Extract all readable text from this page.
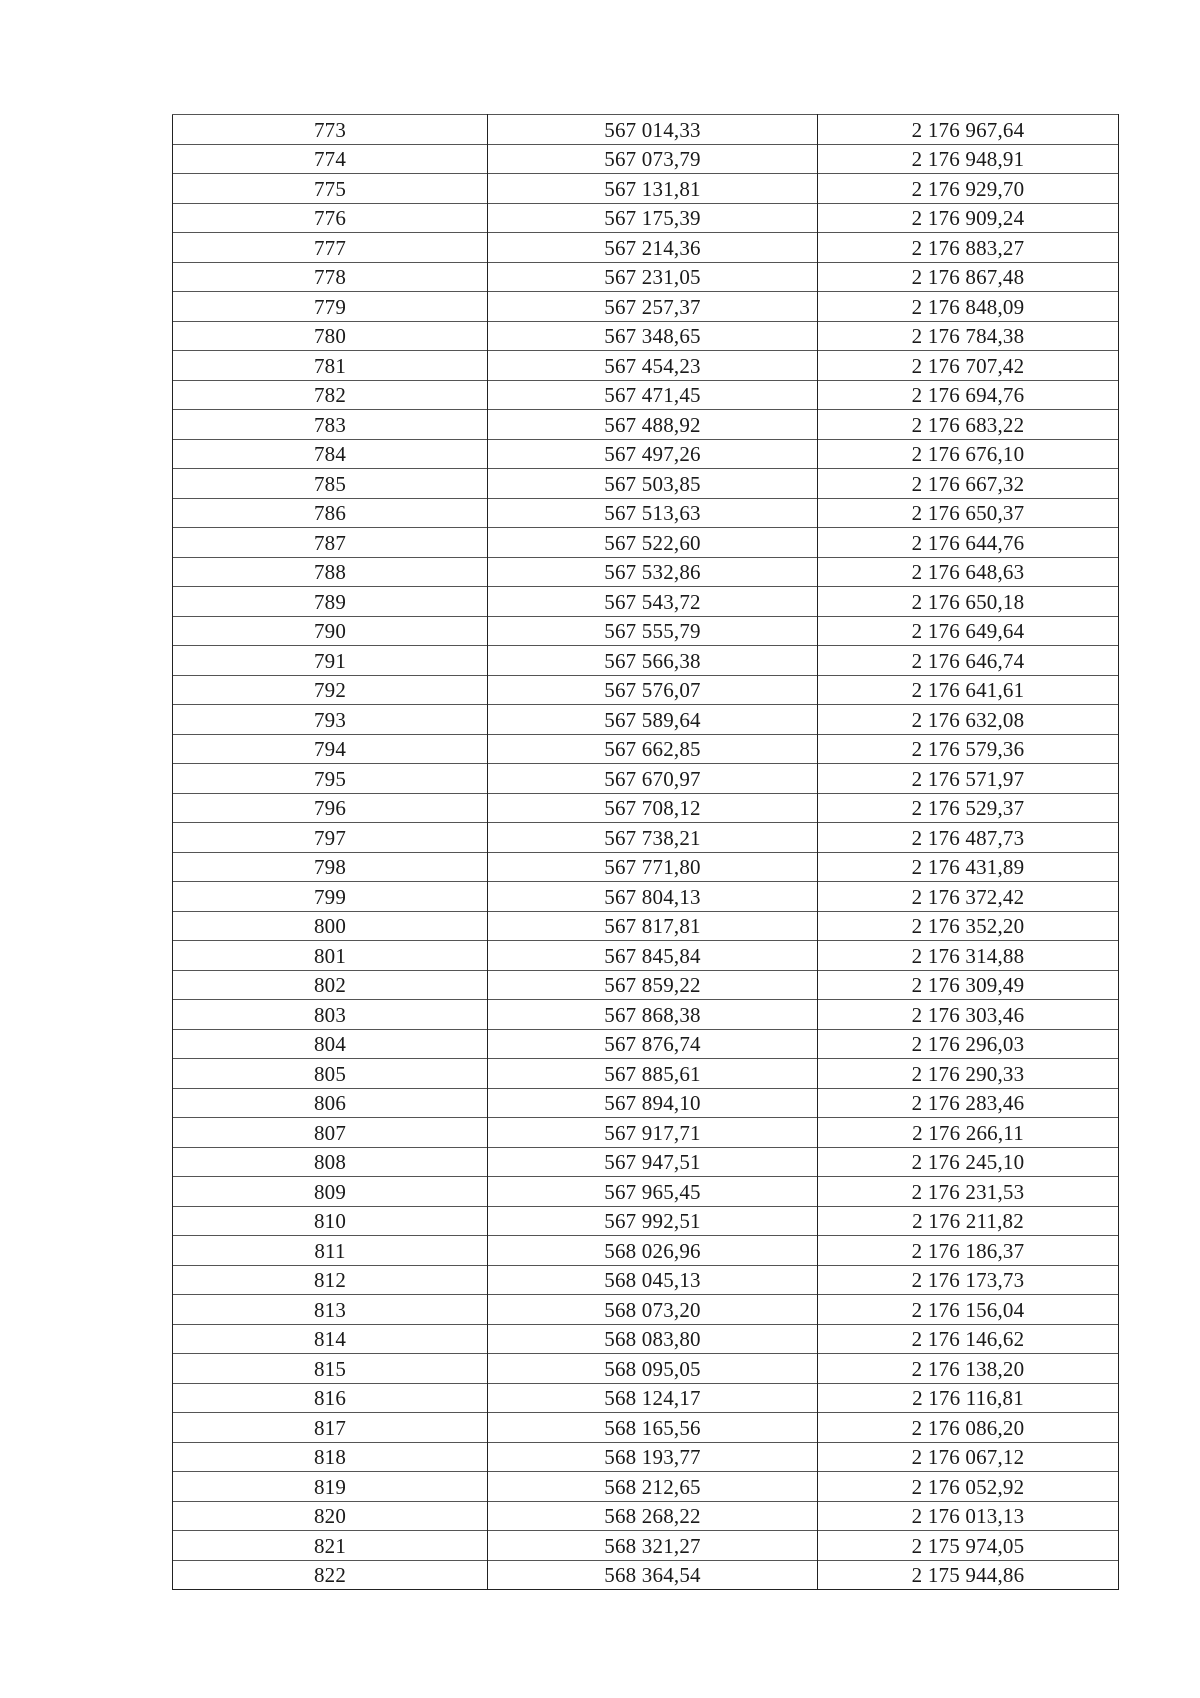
773	567 014,33	2 176 967,64
774	567 073,79	2 176 948,91
775	567 131,81	2 176 929,70
776	567 175,39	2 176 909,24
777	567 214,36	2 176 883,27
778	567 231,05	2 176 867,48
779	567 257,37	2 176 848,09
780	567 348,65	2 176 784,38
781	567 454,23	2 176 707,42
782	567 471,45	2 176 694,76
783	567 488,92	2 176 683,22
784	567 497,26	2 176 676,10
785	567 503,85	2 176 667,32
786	567 513,63	2 176 650,37
787	567 522,60	2 176 644,76
788	567 532,86	2 176 648,63
789	567 543,72	2 176 650,18
790	567 555,79	2 176 649,64
791	567 566,38	2 176 646,74
792	567 576,07	2 176 641,61
793	567 589,64	2 176 632,08
794	567 662,85	2 176 579,36
795	567 670,97	2 176 571,97
796	567 708,12	2 176 529,37
797	567 738,21	2 176 487,73
798	567 771,80	2 176 431,89
799	567 804,13	2 176 372,42
800	567 817,81	2 176 352,20
801	567 845,84	2 176 314,88
802	567 859,22	2 176 309,49
803	567 868,38	2 176 303,46
804	567 876,74	2 176 296,03
805	567 885,61	2 176 290,33
806	567 894,10	2 176 283,46
807	567 917,71	2 176 266,11
808	567 947,51	2 176 245,10
809	567 965,45	2 176 231,53
810	567 992,51	2 176 211,82
811	568 026,96	2 176 186,37
812	568 045,13	2 176 173,73
813	568 073,20	2 176 156,04
814	568 083,80	2 176 146,62
815	568 095,05	2 176 138,20
816	568 124,17	2 176 116,81
817	568 165,56	2 176 086,20
818	568 193,77	2 176 067,12
819	568 212,65	2 176 052,92
820	568 268,22	2 176 013,13
821	568 321,27	2 175 974,05
822	568 364,54	2 175 944,86
